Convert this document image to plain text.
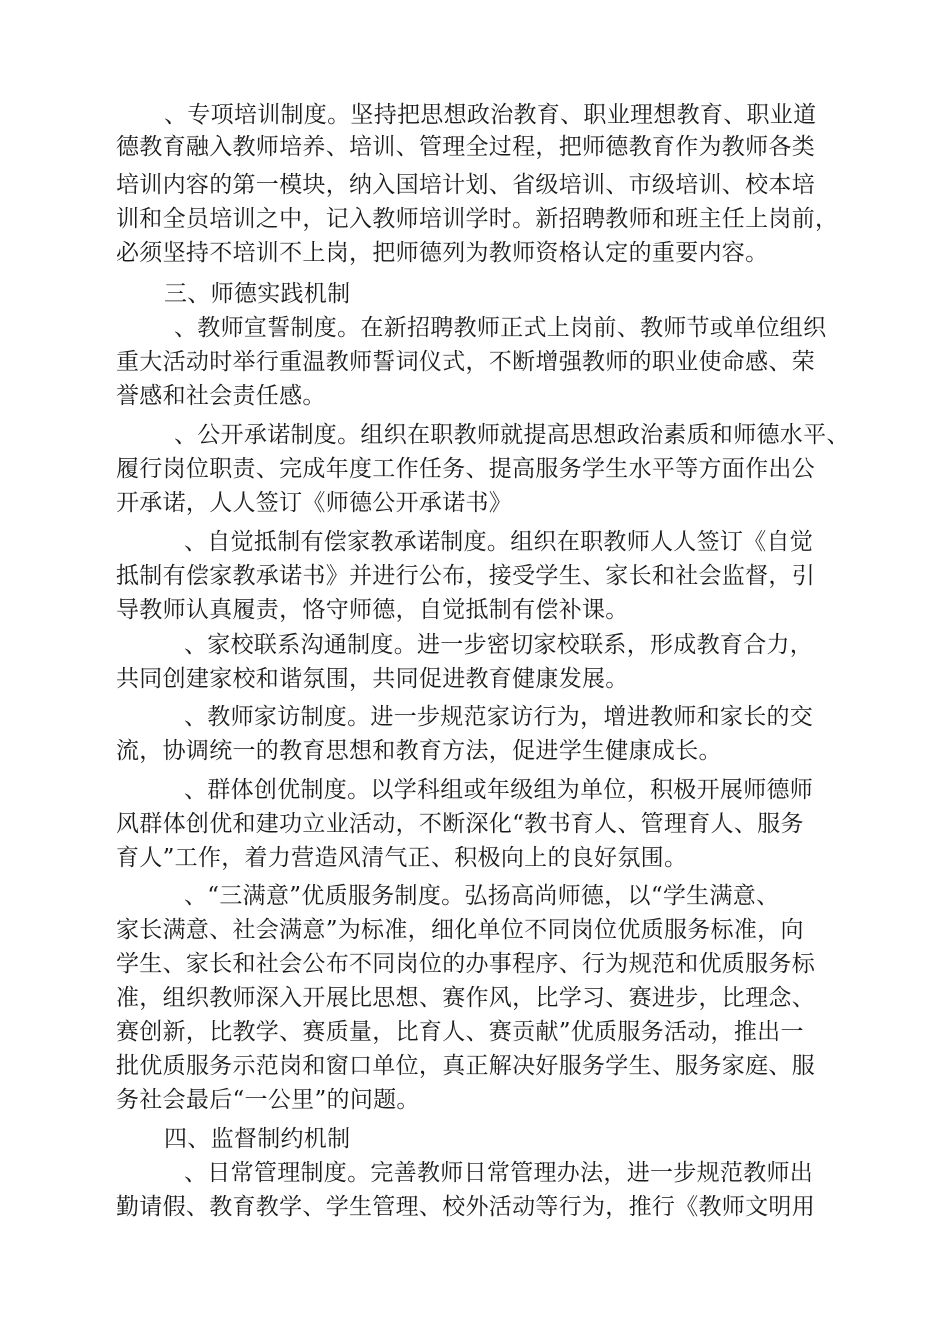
、专项培训制度。坚持把思想政治教育、职业理想教育、职业道

德教育融入教师培养、培训、管理全过程，把师德教育作为教师各类

培训内容的第一模块，纳入国培计划、省级培训、市级培训、校本培

训和全员培训之中，记入教师培训学时。新招聘教师和班主任上岗前，

必须坚持不培训不上岗，把师德列为教师资格认定的重要内容。

三、师德实践机制

、教师宣誓制度。在新招聘教师正式上岗前、教师节或单位组织

重大活动时举行重温教师誓词仪式，不断增强教师的职业使命感、荣

誉感和社会责任感。

、公开承诺制度。组织在职教师就提高思想政治素质和师德水平、

履行岗位职责、完成年度工作任务、提高服务学生水平等方面作出公

开承诺，人人签订《师德公开承诺书》

、自觉抵制有偿家教承诺制度。组织在职教师人人签订《自觉

抵制有偿家教承诺书》并进行公布，接受学生、家长和社会监督，引

导教师认真履责，恪守师德，自觉抵制有偿补课。

、家校联系沟通制度。进一步密切家校联系，形成教育合力，

共同创建家校和谐氛围，共同促进教育健康发展。

、教师家访制度。进一步规范家访行为，增进教师和家长的交

流，协调统一的教育思想和教育方法，促进学生健康成长。

、群体创优制度。以学科组或年级组为单位，积极开展师德师

风群体创优和建功立业活动，不断深化“教书育人、管理育人、服务

育人”工作，着力营造风清气正、积极向上的良好氛围。

、“三满意”优质服务制度。弘扬高尚师德，以“学生满意、

家长满意、社会满意”为标准，细化单位不同岗位优质服务标准，向

学生、家长和社会公布不同岗位的办事程序、行为规范和优质服务标

准，组织教师深入开展比思想、赛作风，比学习、赛进步，比理念、

赛创新，比教学、赛质量，比育人、赛贡献”优质服务活动，推出一

批优质服务示范岗和窗口单位，真正解决好服务学生、服务家庭、服

务社会最后“一公里”的问题。

四、监督制约机制

、日常管理制度。完善教师日常管理办法，进一步规范教师出

勤请假、教育教学、学生管理、校外活动等行为，推行《教师文明用
